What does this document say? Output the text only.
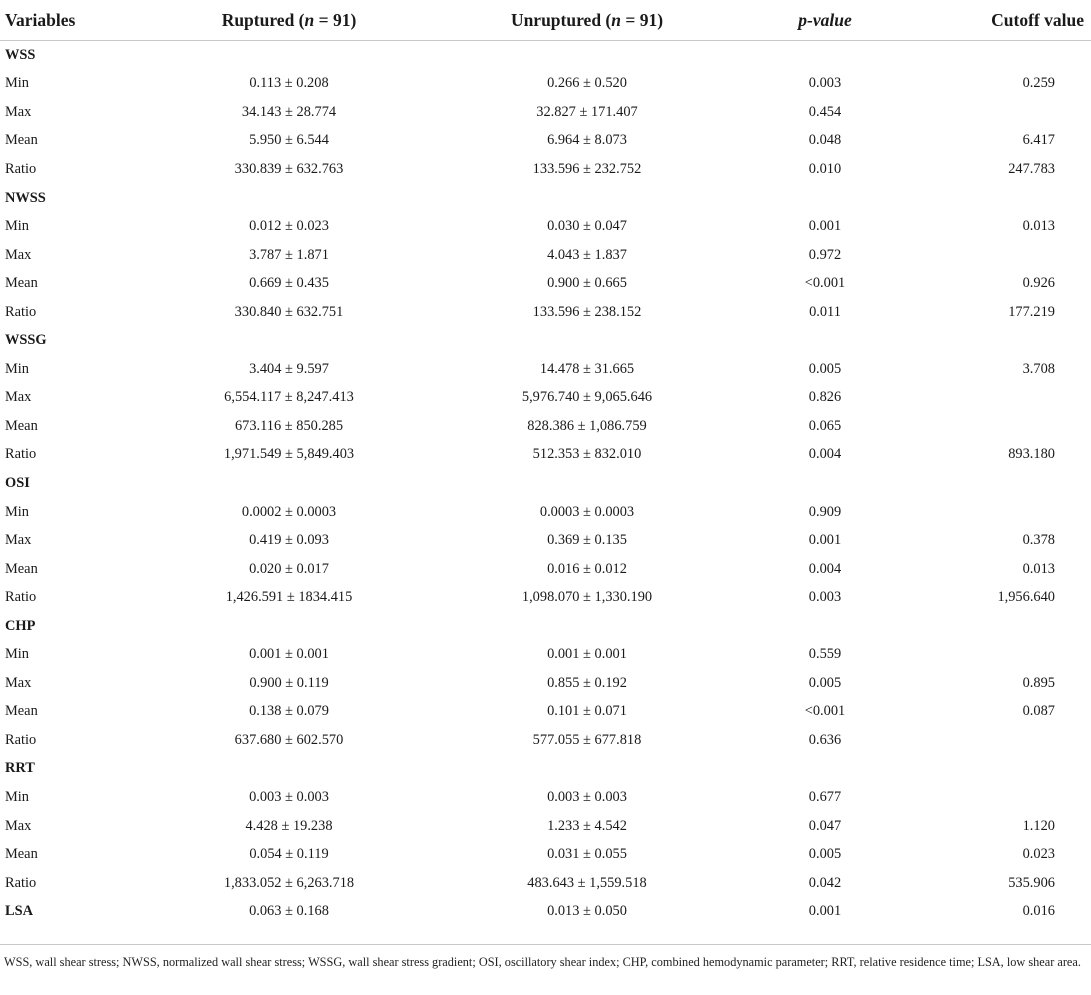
Variables	Ruptured (n = 91)	Unruptured (n = 91)	p-value	Cutoff value
WSS				
Min	0.113 ± 0.208	0.266 ± 0.520	0.003	0.259
Max	34.143 ± 28.774	32.827 ± 171.407	0.454	
Mean	5.950 ± 6.544	6.964 ± 8.073	0.048	6.417
Ratio	330.839 ± 632.763	133.596 ± 232.752	0.010	247.783
NWSS				
Min	0.012 ± 0.023	0.030 ± 0.047	0.001	0.013
Max	3.787 ± 1.871	4.043 ± 1.837	0.972	
Mean	0.669 ± 0.435	0.900 ± 0.665	<0.001	0.926
Ratio	330.840 ± 632.751	133.596 ± 238.152	0.011	177.219
WSSG				
Min	3.404 ± 9.597	14.478 ± 31.665	0.005	3.708
Max	6,554.117 ± 8,247.413	5,976.740 ± 9,065.646	0.826	
Mean	673.116 ± 850.285	828.386 ± 1,086.759	0.065	
Ratio	1,971.549 ± 5,849.403	512.353 ± 832.010	0.004	893.180
OSI				
Min	0.0002 ± 0.0003	0.0003 ± 0.0003	0.909	
Max	0.419 ± 0.093	0.369 ± 0.135	0.001	0.378
Mean	0.020 ± 0.017	0.016 ± 0.012	0.004	0.013
Ratio	1,426.591 ± 1834.415	1,098.070 ± 1,330.190	0.003	1,956.640
CHP				
Min	0.001 ± 0.001	0.001 ± 0.001	0.559	
Max	0.900 ± 0.119	0.855 ± 0.192	0.005	0.895
Mean	0.138 ± 0.079	0.101 ± 0.071	<0.001	0.087
Ratio	637.680 ± 602.570	577.055 ± 677.818	0.636	
RRT				
Min	0.003 ± 0.003	0.003 ± 0.003	0.677	
Max	4.428 ± 19.238	1.233 ± 4.542	0.047	1.120
Mean	0.054 ± 0.119	0.031 ± 0.055	0.005	0.023
Ratio	1,833.052 ± 6,263.718	483.643 ± 1,559.518	0.042	535.906
LSA	0.063 ± 0.168	0.013 ± 0.050	0.001	0.016
WSS, wall shear stress; NWSS, normalized wall shear stress; WSSG, wall shear stress gradient; OSI, oscillatory shear index; CHP, combined hemodynamic parameter; RRT, relative residence time; LSA, low shear area.
